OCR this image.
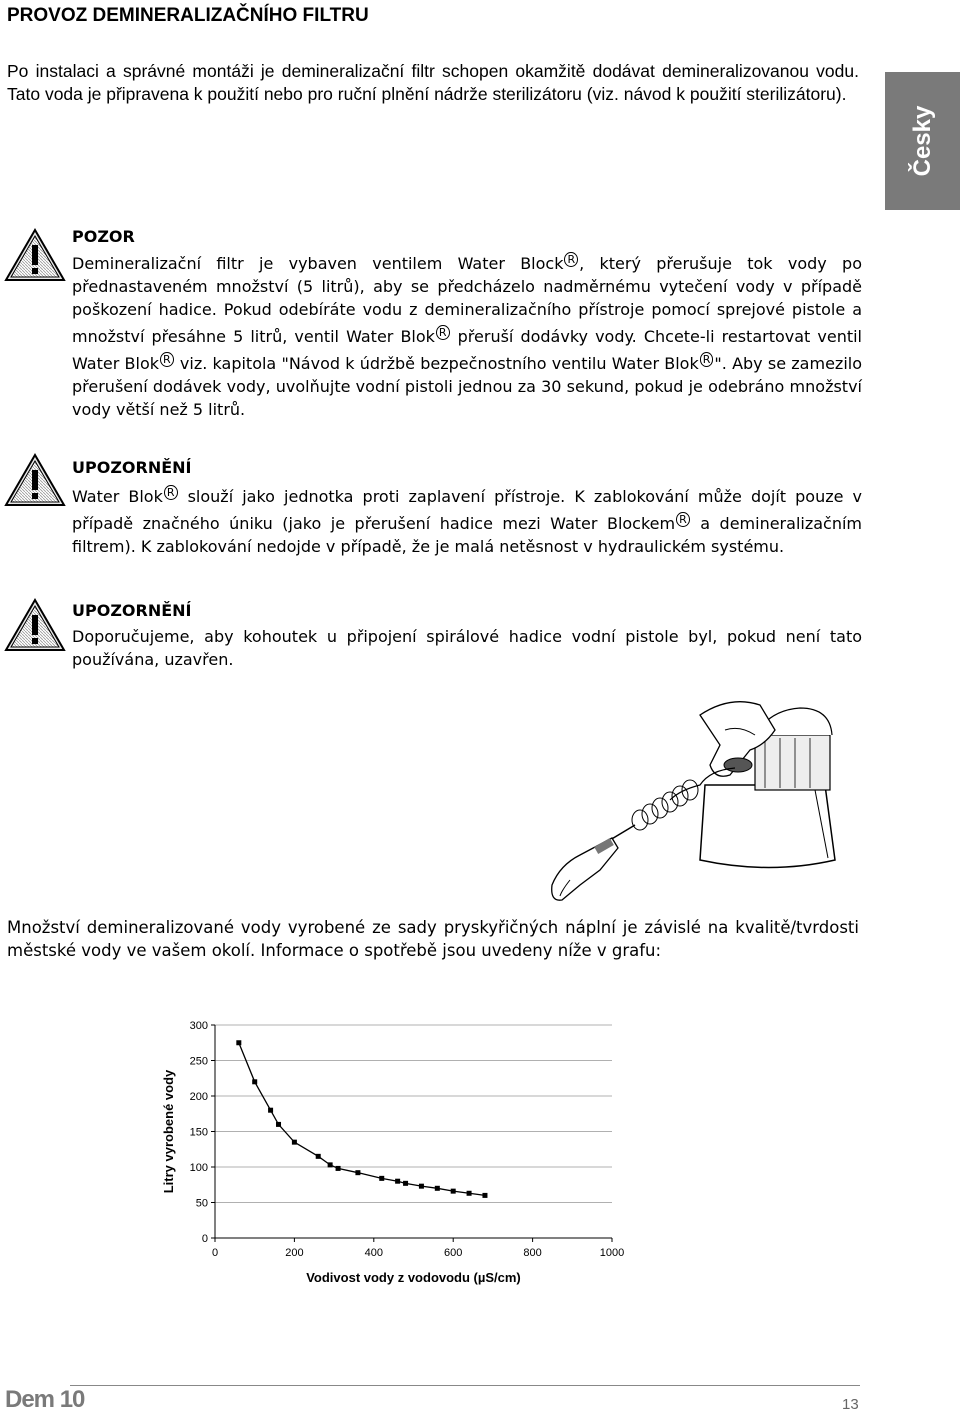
PROVOZ DEMINERALIZAČNÍHO FILTRU

Po instalaci a správné montáži je demineralizační filtr schopen okamžitě dodávat demineralizovanou vodu. Tato voda je připravena k použití nebo pro ruční plnění nádrže sterilizátoru (viz. návod k použití sterilizátoru).

Česky
POZOR

Demineralizační filtr je vybaven ventilem Water Block $^R$ , který přerušuje tok vody po přednastaveném množství (5 litrů), aby se předcházelo nadměrnému vytečení vody v případě poškození hadice. Pokud odebíráte vodu z demineralizačního přístroje pomocí sprejové pistole a množství přesáhne 5 litrů, ventil Water Blok $^R$ přeruší dodávky vody. Chcete-li restartovat ventil Water Blok $^R$ viz. kapitola "Návod k údržbě bezpečnostního ventilu Water Blok $^R$ ". Aby se zamezilo přerušení dodávek vody, uvolňujte vodní pistoli jednou za 30 sekund, pokud je odebráno množství vody větší než 5 litrů.

UPOZORNĚNÍ

Water Blok $^R$ slouží jako jednotka proti zaplavení přístroje. K zablokování může dojít pouze v případě značného úniku (jako je přerušení hadice mezi Water Blockem $^R$ a demineralizačním filtrem). K zablokování nedojde v případě, že je malá netěsnost v hydraulickém systému.

UPOZORNĚNÍ

Doporučujeme, aby kohoutek u připojení spirálové hadice vodní pistole byl, pokud není tato používána, uzavřen.

Množství demineralizované vody vyrobené ze sady pryskyřičných náplní je závislé na kvalitě/tvrdosti městské vody ve vašem okolí. Informace o spotřebě jsou uvedeny níže v grafu:

0
50
100
150
200
250
300
0	200	400	600	800	1000
Vodivost vody z vodovodu (µS/cm)
Litry vyrobené vody
Dem 10	13
